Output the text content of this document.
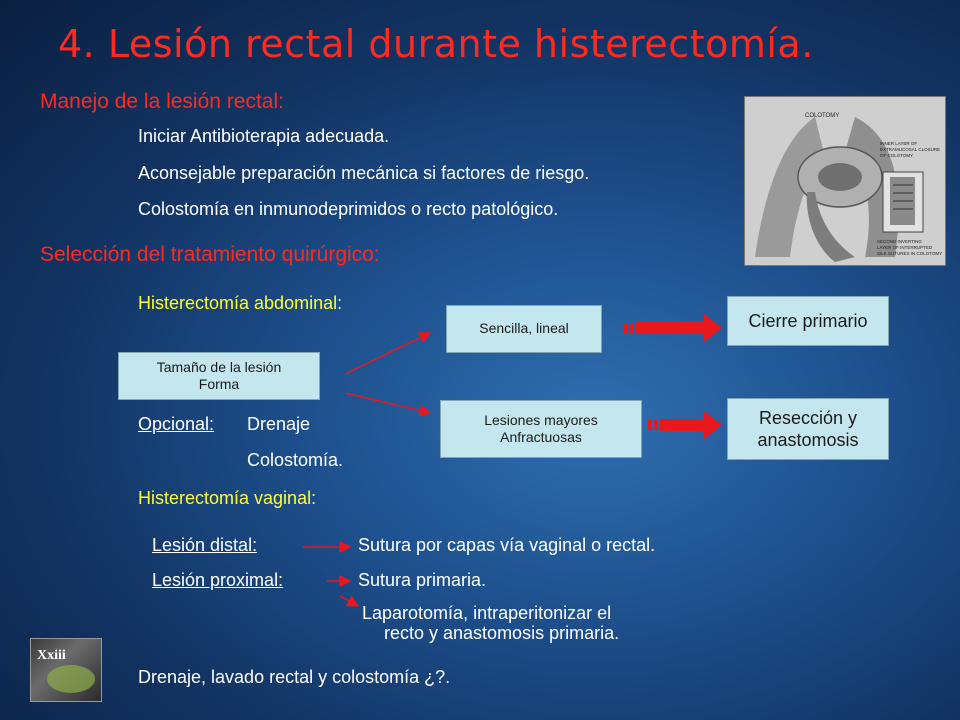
4. Lesión rectal durante histerectomía.
Manejo de la lesión rectal:
Iniciar Antibioterapia adecuada.
Aconsejable preparación mecánica si factores de riesgo.
Colostomía en inmunodeprimidos o recto patológico.
COLOTOMY
INNER LAYER OF
EXTRAMUCOSAL CLOSURE
OF COLOTOMY
SECOND INVERTING
LAYER OF INTERRUPTED
SILK SUTURES IN COLOTOMY
Selección del tratamiento quirúrgico:
Histerectomía abdominal:
Tamaño de la lesión
Forma
Sencilla, lineal
Lesiones mayores
Anfractuosas
Cierre primario
Resección y
anastomosis
Opcional: Drenaje
Colostomía.
Histerectomía vaginal:
Lesión distal:	Sutura por capas vía vaginal o rectal.
Lesión proximal:	Sutura primaria.
Laparotomía, intraperitonizar el
recto y anastomosis primaria.
Drenaje, lavado rectal y colostomía ¿?.
Xxiii
